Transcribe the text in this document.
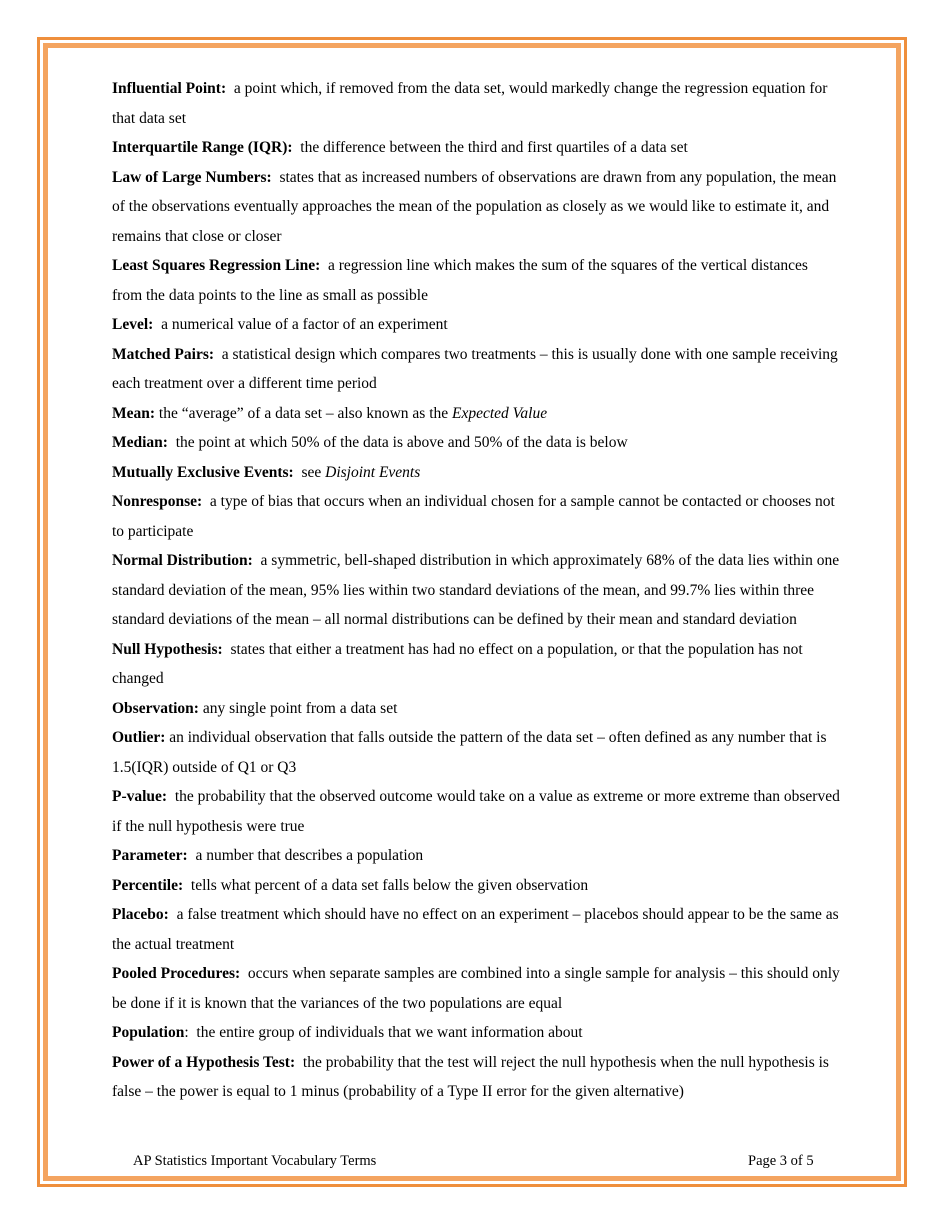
Influential Point: a point which, if removed from the data set, would markedly change the regression equation for that data set

Interquartile Range (IQR): the difference between the third and first quartiles of a data set

Law of Large Numbers: states that as increased numbers of observations are drawn from any population, the mean of the observations eventually approaches the mean of the population as closely as we would like to estimate it, and remains that close or closer

Least Squares Regression Line: a regression line which makes the sum of the squares of the vertical distances from the data points to the line as small as possible

Level: a numerical value of a factor of an experiment

Matched Pairs: a statistical design which compares two treatments – this is usually done with one sample receiving each treatment over a different time period

Mean: the “average” of a data set – also known as the Expected Value

Median: the point at which 50% of the data is above and 50% of the data is below

Mutually Exclusive Events: see Disjoint Events

Nonresponse: a type of bias that occurs when an individual chosen for a sample cannot be contacted or chooses not to participate

Normal Distribution: a symmetric, bell-shaped distribution in which approximately 68% of the data lies within one standard deviation of the mean, 95% lies within two standard deviations of the mean, and 99.7% lies within three standard deviations of the mean – all normal distributions can be defined by their mean and standard deviation

Null Hypothesis: states that either a treatment has had no effect on a population, or that the population has not changed

Observation: any single point from a data set

Outlier: an individual observation that falls outside the pattern of the data set – often defined as any number that is 1.5(IQR) outside of Q1 or Q3

P-value: the probability that the observed outcome would take on a value as extreme or more extreme than observed if the null hypothesis were true

Parameter: a number that describes a population

Percentile: tells what percent of a data set falls below the given observation

Placebo: a false treatment which should have no effect on an experiment – placebos should appear to be the same as the actual treatment

Pooled Procedures: occurs when separate samples are combined into a single sample for analysis – this should only be done if it is known that the variances of the two populations are equal

Population:  the entire group of individuals that we want information about

Power of a Hypothesis Test: the probability that the test will reject the null hypothesis when the null hypothesis is false – the power is equal to 1 minus (probability of a Type II error for the given alternative)

AP Statistics Important Vocabulary Terms	Page 3 of 5
